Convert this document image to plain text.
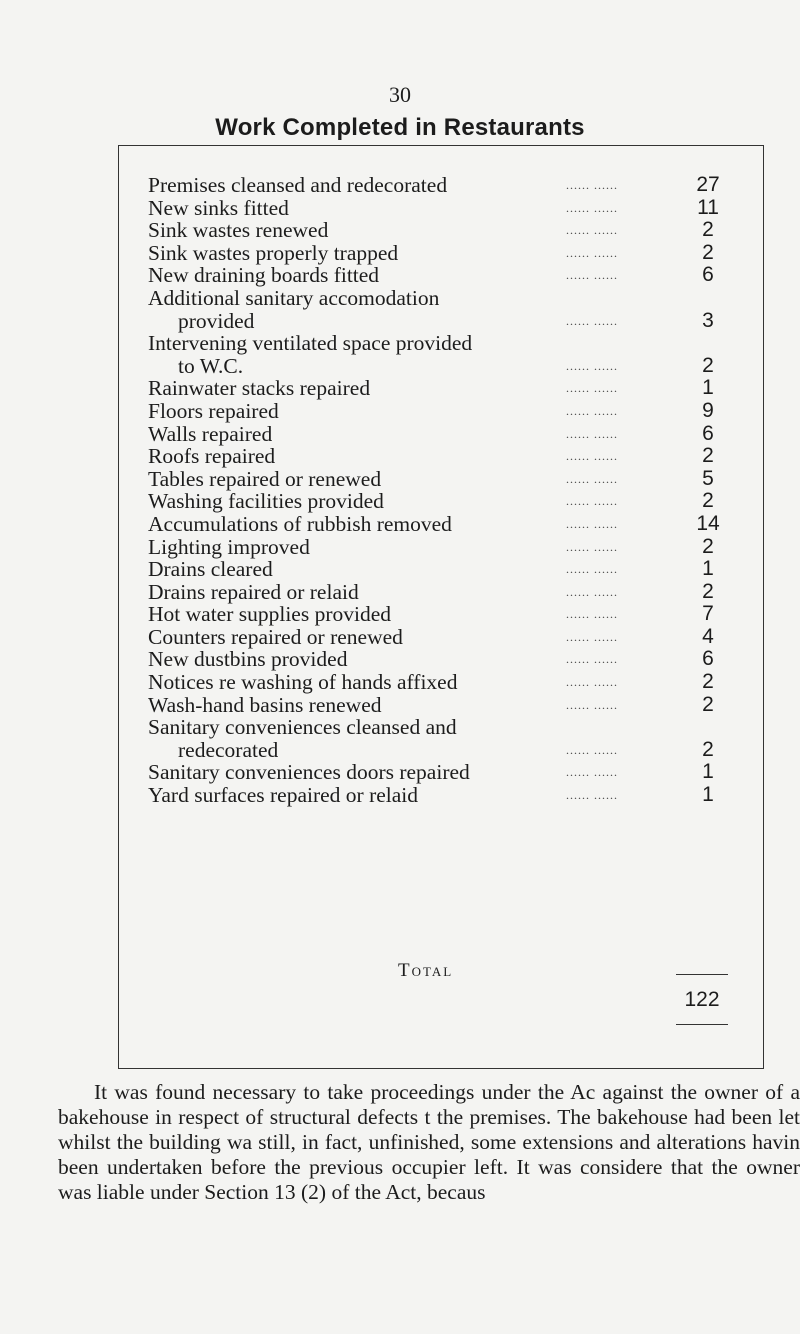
30
Work Completed in Restaurants
Premises cleansed and redecorated	...... ......	27
New sinks fitted	...... ......	11
Sink wastes renewed	...... ......	2
Sink wastes properly trapped	...... ......	2
New draining boards fitted	...... ......	6
Additional sanitary accomodation
provided	...... ......	3
Intervening ventilated space provided
to W.C.	...... ......	2
Rainwater stacks repaired	...... ......	1
Floors repaired	...... ......	9
Walls repaired	...... ......	6
Roofs repaired	...... ......	2
Tables repaired or renewed	...... ......	5
Washing facilities provided	...... ......	2
Accumulations of rubbish removed	...... ......	14
Lighting improved	...... ......	2
Drains cleared	...... ......	1
Drains repaired or relaid	...... ......	2
Hot water supplies provided	...... ......	7
Counters repaired or renewed	...... ......	4
New dustbins provided	...... ......	6
Notices re washing of hands affixed	...... ......	2
Wash-hand basins renewed	...... ......	2
Sanitary conveniences cleansed and
redecorated	...... ......	2
Sanitary conveniences doors repaired	...... ......	1
Yard surfaces repaired or relaid	...... ......	1
Total
122

It was found necessary to take proceedings under the Ac against the owner of a bakehouse in respect of structural defects t the premises. The bakehouse had been let whilst the building wa still, in fact, unfinished, some extensions and alterations havin been undertaken before the previous occupier left. It was considere that the owner was liable under Section 13 (2) of the Act, becaus
